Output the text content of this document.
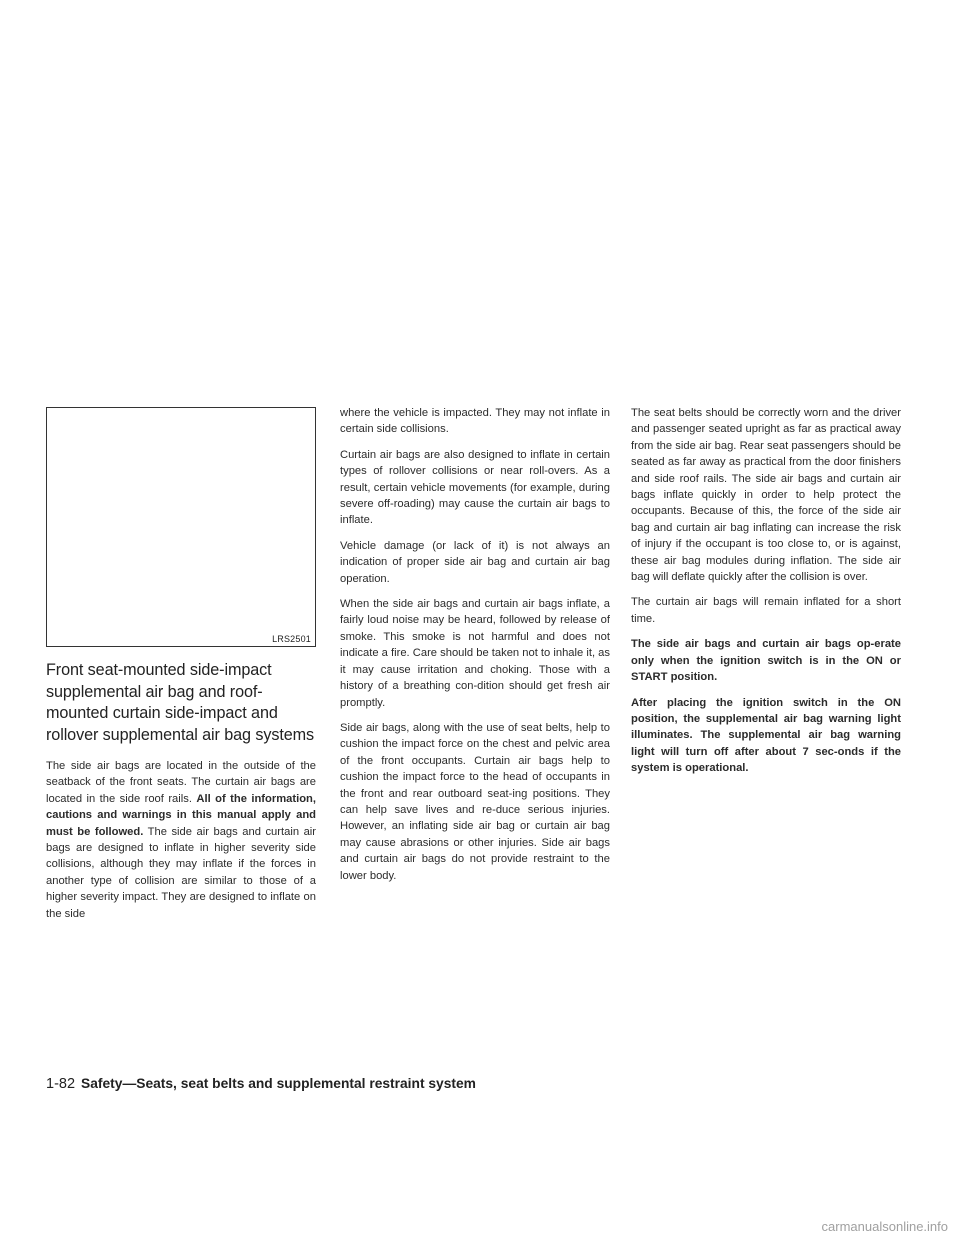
LRS2501
Front seat-mounted side-impact supplemental air bag and roof-mounted curtain side-impact and rollover supplemental air bag systems

The side air bags are located in the outside of the seatback of the front seats. The curtain air bags are located in the side roof rails. All of the information, cautions and warnings in this manual apply and must be followed. The side air bags and curtain air bags are designed to inflate in higher severity side collisions, although they may inflate if the forces in another type of collision are similar to those of a higher severity impact. They are designed to inflate on the side

where the vehicle is impacted. They may not inflate in certain side collisions.

Curtain air bags are also designed to inflate in certain types of rollover collisions or near roll-overs. As a result, certain vehicle movements (for example, during severe off-roading) may cause the curtain air bags to inflate.

Vehicle damage (or lack of it) is not always an indication of proper side air bag and curtain air bag operation.

When the side air bags and curtain air bags inflate, a fairly loud noise may be heard, followed by release of smoke. This smoke is not harmful and does not indicate a fire. Care should be taken not to inhale it, as it may cause irritation and choking. Those with a history of a breathing con-dition should get fresh air promptly.

Side air bags, along with the use of seat belts, help to cushion the impact force on the chest and pelvic area of the front occupants. Curtain air bags help to cushion the impact force to the head of occupants in the front and rear outboard seat-ing positions. They can help save lives and re-duce serious injuries. However, an inflating side air bag or curtain air bag may cause abrasions or other injuries. Side air bags and curtain air bags do not provide restraint to the lower body.

The seat belts should be correctly worn and the driver and passenger seated upright as far as practical away from the side air bag. Rear seat passengers should be seated as far away as practical from the door finishers and side roof rails. The side air bags and curtain air bags inflate quickly in order to help protect the occupants. Because of this, the force of the side air bag and curtain air bag inflating can increase the risk of injury if the occupant is too close to, or is against, these air bag modules during inflation. The side air bag will deflate quickly after the collision is over.

The curtain air bags will remain inflated for a short time.

The side air bags and curtain air bags op-erate only when the ignition switch is in the ON or START position.

After placing the ignition switch in the ON position, the supplemental air bag warning light illuminates. The supplemental air bag warning light will turn off after about 7 sec-onds if the system is operational.

1-82 Safety—Seats, seat belts and supplemental restraint system
carmanualsonline.info
